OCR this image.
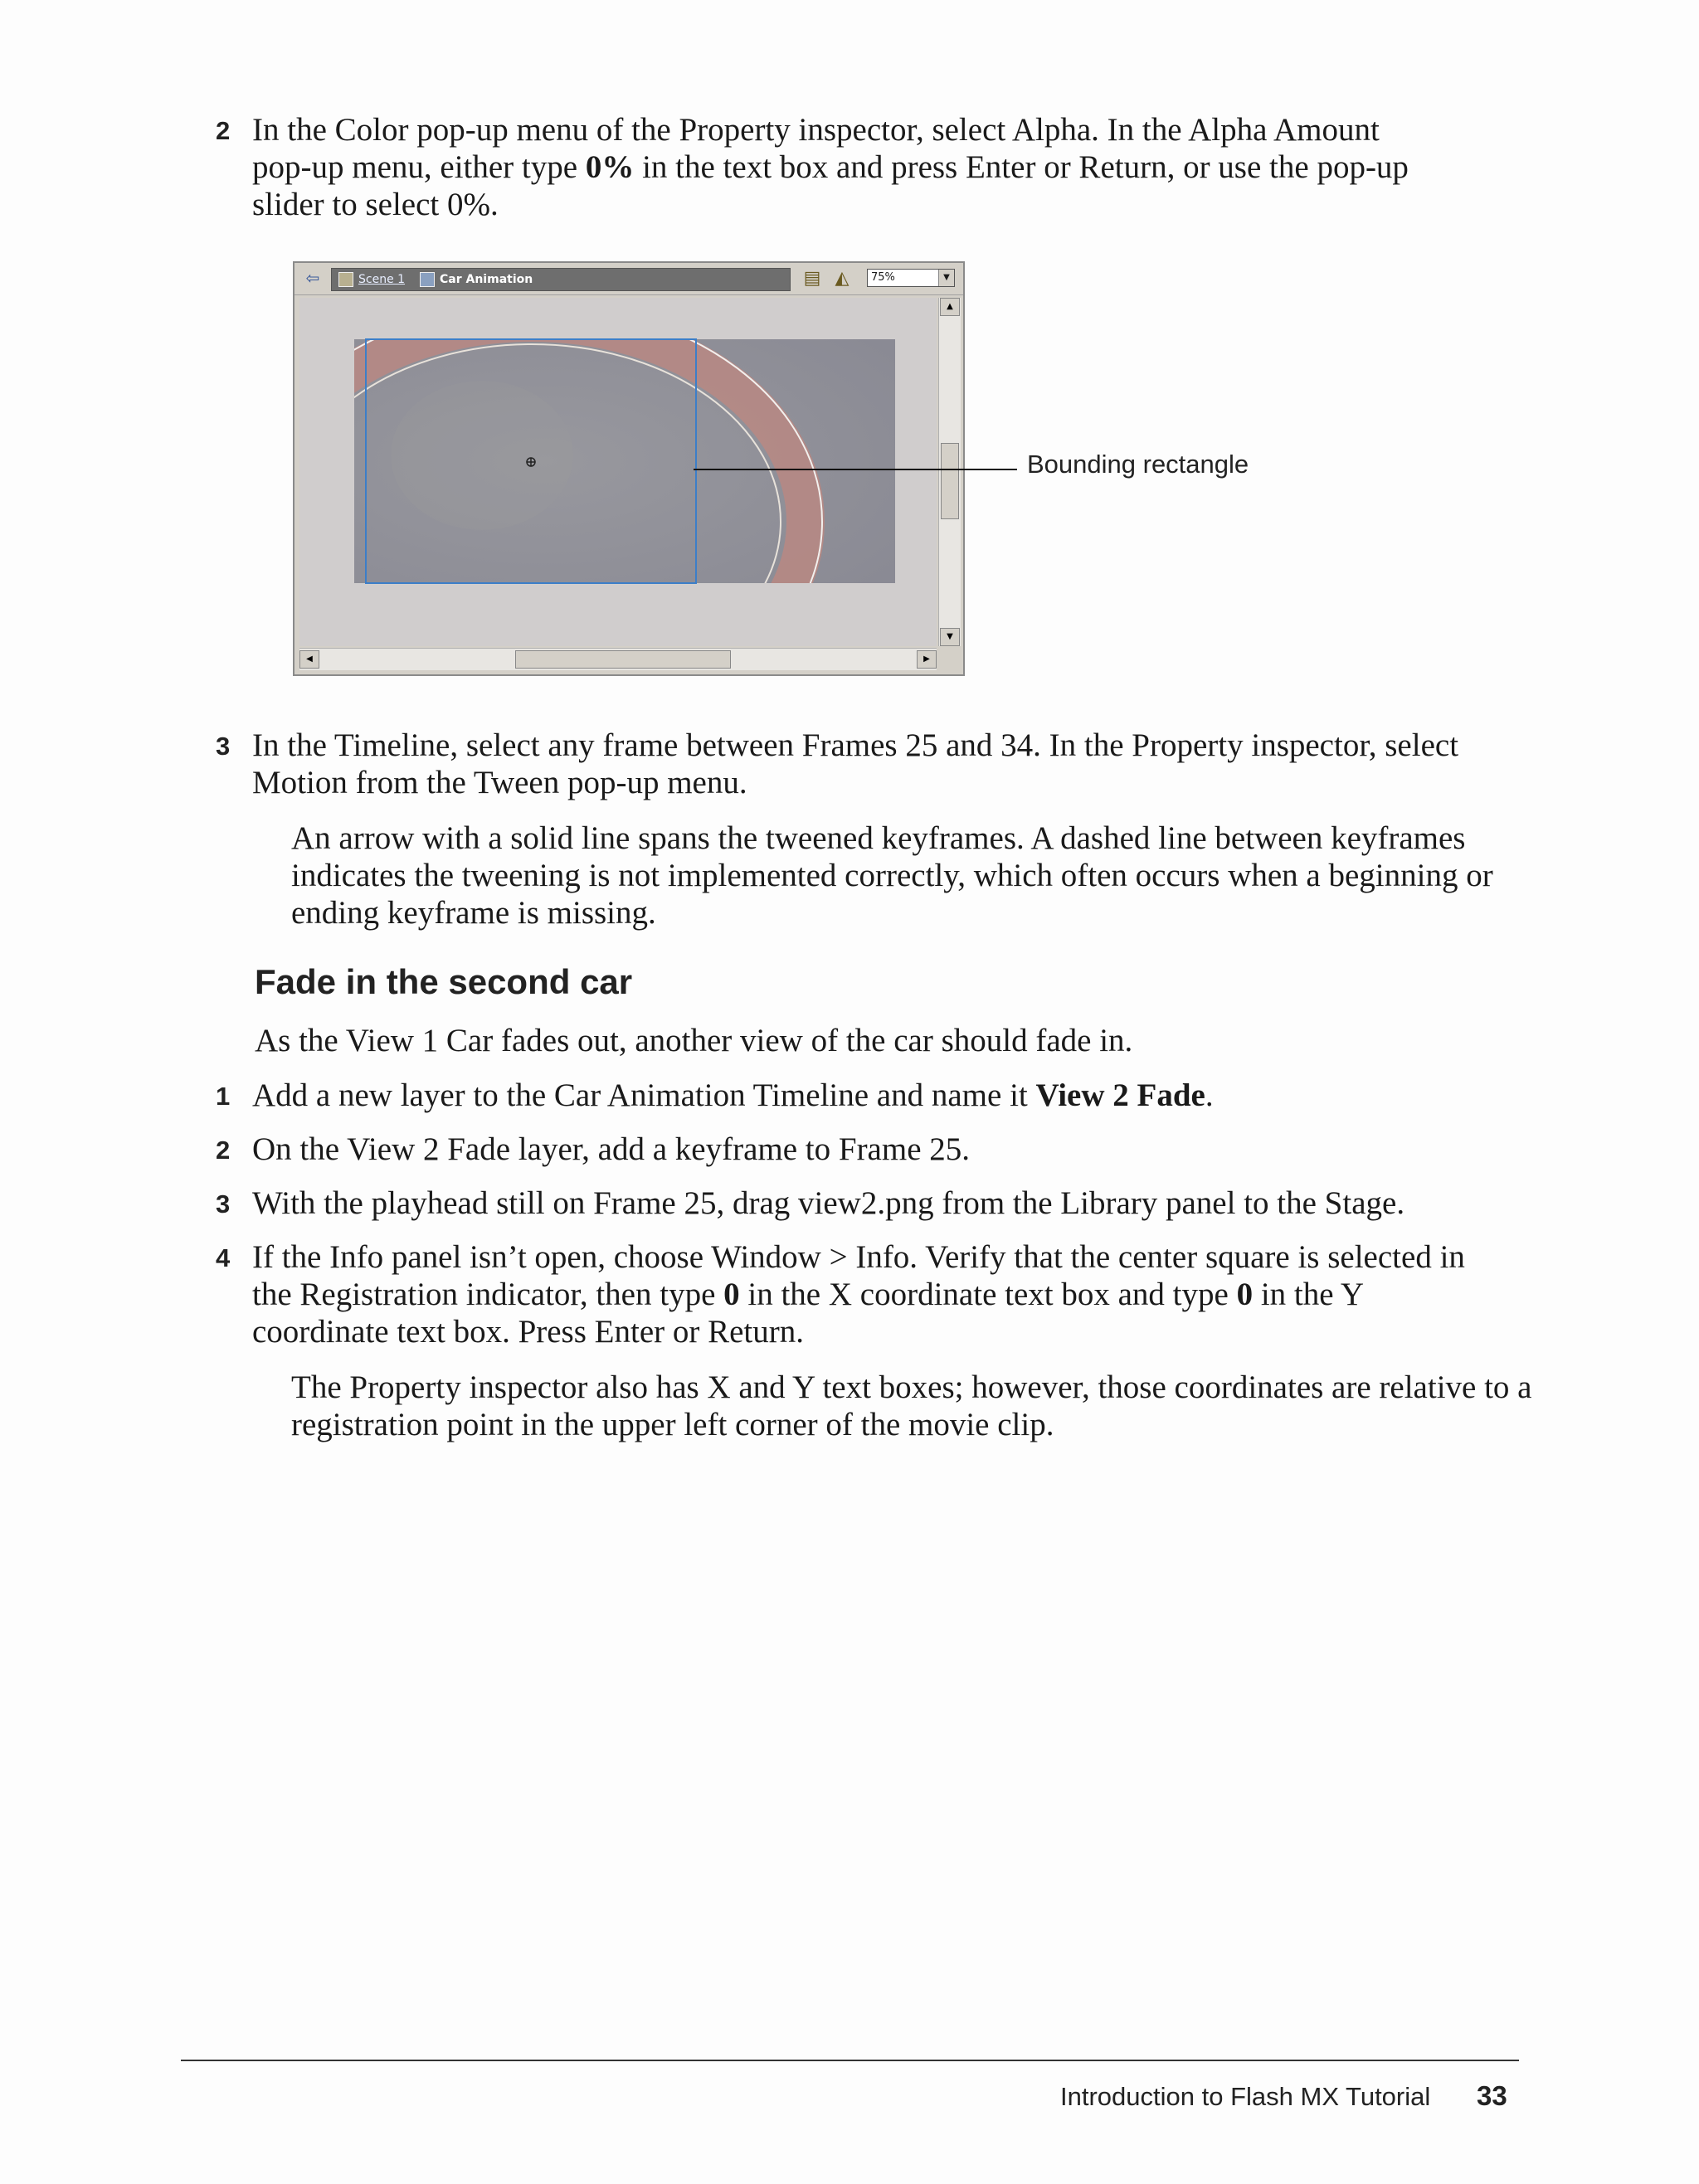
2 In the Color pop-up menu of the Property inspector, select Alpha. In the Alpha Amount
pop-up menu, either type 0% in the text box and press Enter or Return, or use the pop-up
slider to select 0%.
⇦	Scene 1	Car Animation	▤ ◭	75%	▼
▲
▼
◀	▶
Bounding rectangle
3 In the Timeline, select any frame between Frames 25 and 34. In the Property inspector, select
Motion from the Tween pop-up menu.
An arrow with a solid line spans the tweened keyframes. A dashed line between keyframes
indicates the tweening is not implemented correctly, which often occurs when a beginning or
ending keyframe is missing.
Fade in the second car
As the View 1 Car fades out, another view of the car should fade in.
1 Add a new layer to the Car Animation Timeline and name it View 2 Fade.
2 On the View 2 Fade layer, add a keyframe to Frame 25.
3 With the playhead still on Frame 25, drag view2.png from the Library panel to the Stage.
4 If the Info panel isn’t open, choose Window > Info. Verify that the center square is selected in
the Registration indicator, then type 0 in the X coordinate text box and type 0 in the Y
coordinate text box. Press Enter or Return.
The Property inspector also has X and Y text boxes; however, those coordinates are relative to a
registration point in the upper left corner of the movie clip.
Introduction to Flash MX Tutorial 33
